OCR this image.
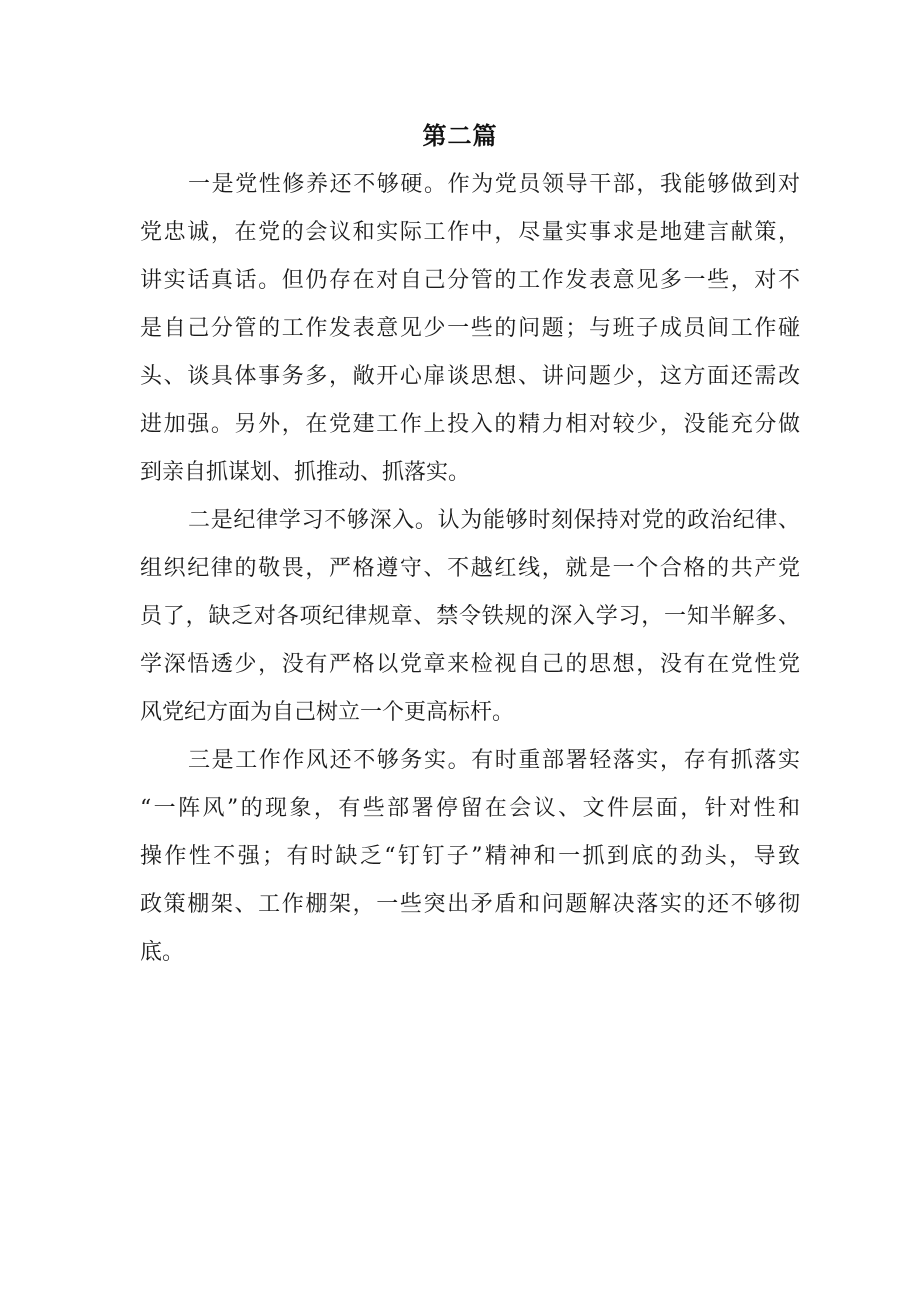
第二篇
一是党性修养还不够硬。作为党员领导干部，我能够做到对
党忠诚，在党的会议和实际工作中，尽量实事求是地建言献策，
讲实话真话。但仍存在对自己分管的工作发表意见多一些，对不
是自己分管的工作发表意见少一些的问题；与班子成员间工作碰
头、谈具体事务多，敞开心扉谈思想、讲问题少，这方面还需改
进加强。另外，在党建工作上投入的精力相对较少，没能充分做
到亲自抓谋划、抓推动、抓落实。
二是纪律学习不够深入。认为能够时刻保持对党的政治纪律、
组织纪律的敬畏，严格遵守、不越红线，就是一个合格的共产党
员了，缺乏对各项纪律规章、禁令铁规的深入学习，一知半解多、
学深悟透少，没有严格以党章来检视自己的思想，没有在党性党
风党纪方面为自己树立一个更高标杆。
三是工作作风还不够务实。有时重部署轻落实，存有抓落实
“一阵风”的现象，有些部署停留在会议、文件层面，针对性和
操作性不强；有时缺乏“钉钉子”精神和一抓到底的劲头，导致
政策棚架、工作棚架，一些突出矛盾和问题解决落实的还不够彻
底。
